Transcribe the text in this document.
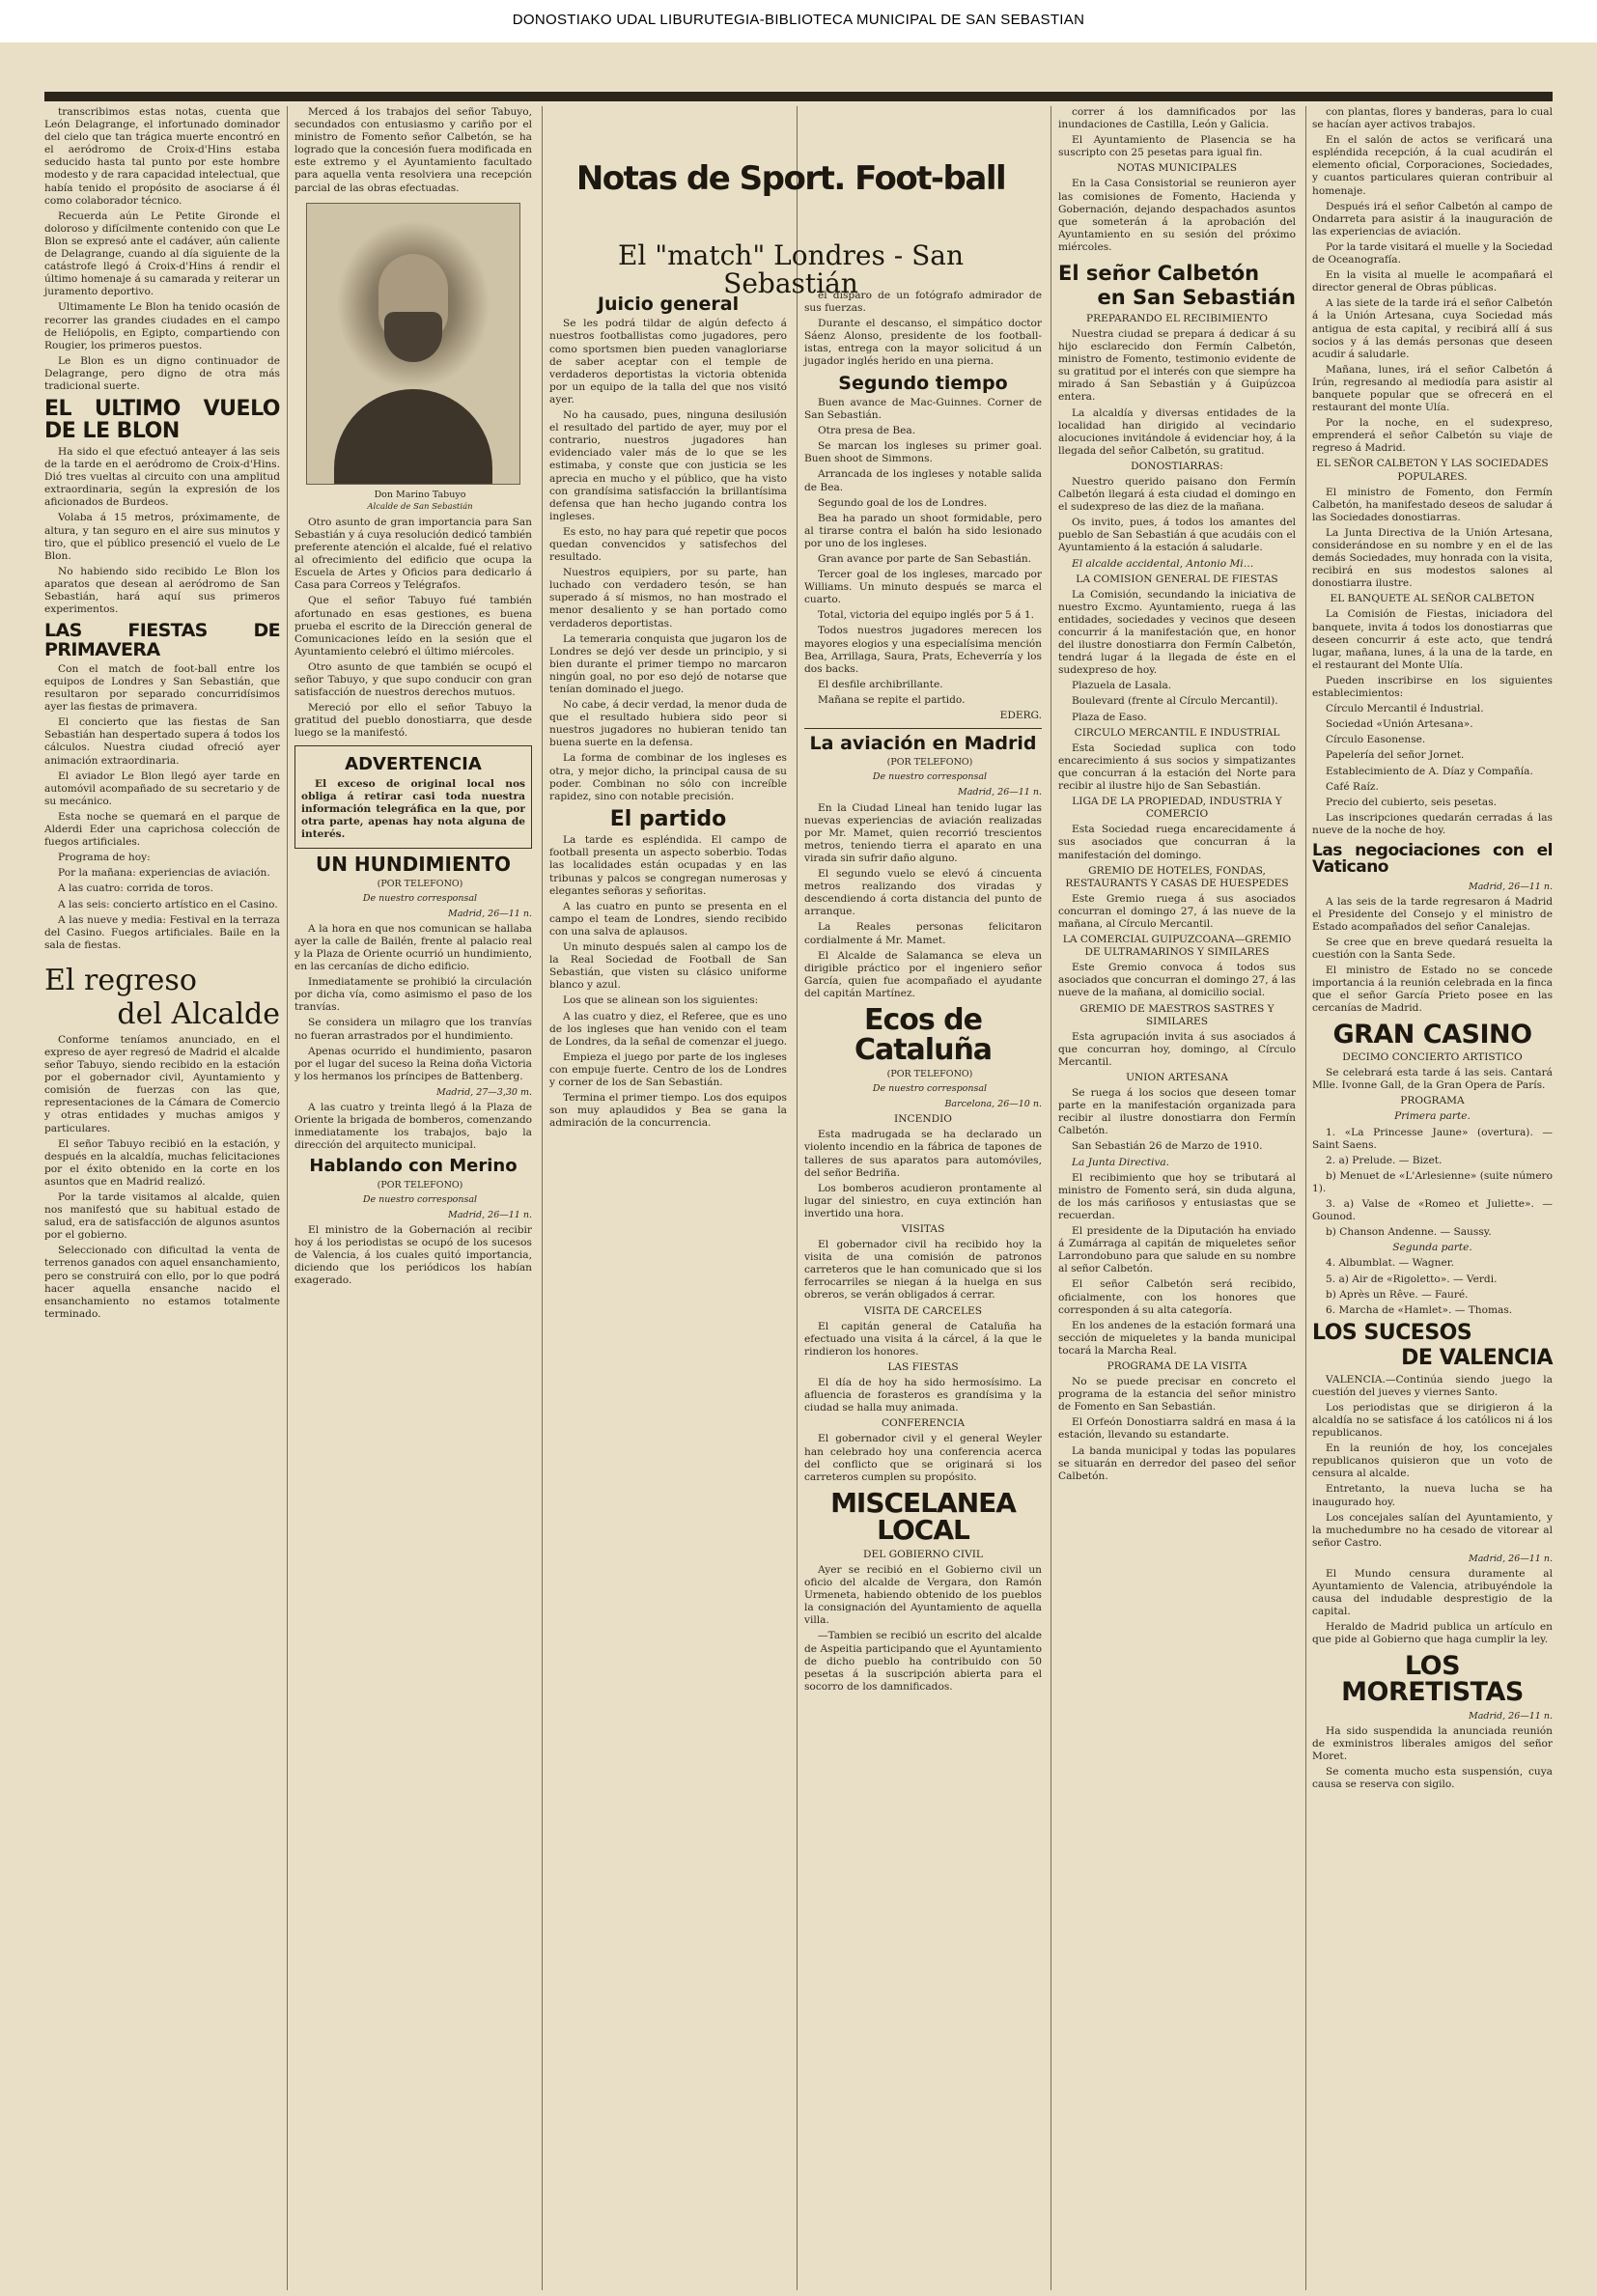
DONOSTIAKO UDAL LIBURUTEGIA-BIBLIOTECA MUNICIPAL DE SAN SEBASTIAN

transcribimos estas notas, cuenta que León Delagrange, el infortunado dominador del cielo que tan trágica muerte encontró en el aeródromo de Croix-d'Hins estaba seducido hasta tal punto por este hombre modesto y de rara capacidad intelectual, que había tenido el propósito de asociarse á él como colaborador técnico.

Recuerda aún Le Petite Gironde el doloroso y difícilmente contenido con que Le Blon se expresó ante el cadáver, aún caliente de Delagrange, cuando al día siguiente de la catástrofe llegó á Croix-d'Hins á rendir el último homenaje á su camarada y reiterar un juramento deportivo.

Ultimamente Le Blon ha tenido ocasión de recorrer las grandes ciudades en el campo de Heliópolis, en Egipto, compartiendo con Rougier, los primeros puestos.

Le Blon es un digno continuador de Delagrange, pero digno de otra más tradicional suerte.

EL ULTIMO VUELO DE LE BLON

Ha sido el que efectuó anteayer á las seis de la tarde en el aeródromo de Croix-d'Hins. Dió tres vueltas al circuito con una amplitud extraordinaria, según la expresión de los aficionados de Burdeos.

Volaba á 15 metros, próximamente, de altura, y tan seguro en el aire sus minutos y tiro, que el público presenció el vuelo de Le Blon.

No habiendo sido recibido Le Blon los aparatos que desean al aeródromo de San Sebastián, hará aquí sus primeros experimentos.

LAS FIESTAS DE PRIMAVERA

Con el match de foot-ball entre los equipos de Londres y San Sebastián, que resultaron por separado concurridísimos ayer las fiestas de primavera.

El concierto que las fiestas de San Sebastián han despertado supera á todos los cálculos. Nuestra ciudad ofreció ayer animación extraordinaria.

El aviador Le Blon llegó ayer tarde en automóvil acompañado de su secretario y de su mecánico.

Esta noche se quemará en el parque de Alderdi Eder una caprichosa colección de fuegos artificiales.

Programa de hoy:

Por la mañana: experiencias de aviación.

A las cuatro: corrida de toros.

A las seis: concierto artístico en el Casino.

A las nueve y media: Festival en la terraza del Casino. Fuegos artificiales. Baile en la sala de fiestas.

El regreso
del Alcalde

Conforme teníamos anunciado, en el expreso de ayer regresó de Madrid el alcalde señor Tabuyo, siendo recibido en la estación por el gobernador civil, Ayuntamiento y comisión de fuerzas con las que, representaciones de la Cámara de Comercio y otras entidades y muchas amigos y particulares.

El señor Tabuyo recibió en la estación, y después en la alcaldía, muchas felicitaciones por el éxito obtenido en la corte en los asuntos que en Madrid realizó.

Por la tarde visitamos al alcalde, quien nos manifestó que su habitual estado de salud, era de satisfacción de algunos asuntos por el gobierno.

Seleccionado con dificultad la venta de terrenos ganados con aquel ensanchamiento, pero se construirá con ello, por lo que podrá hacer aquella ensanche nacido el ensanchamiento no estamos totalmente terminado.

Merced á los trabajos del señor Tabuyo, secundados con entusiasmo y cariño por el ministro de Fomento señor Calbetón, se ha logrado que la concesión fuera modificada en este extremo y el Ayuntamiento facultado para aquella venta resolviera una recepción parcial de las obras efectuadas.

Don Marino Tabuyo
Alcalde de San Sebastián

Otro asunto de gran importancia para San Sebastián y á cuya resolución dedicó también preferente atención el alcalde, fué el relativo al ofrecimiento del edificio que ocupa la Escuela de Artes y Oficios para dedicarlo á Casa para Correos y Telégrafos.

Que el señor Tabuyo fué también afortunado en esas gestiones, es buena prueba el escrito de la Dirección general de Comunicaciones leído en la sesión que el Ayuntamiento celebró el último miércoles.

Otro asunto de que también se ocupó el señor Tabuyo, y que supo conducir con gran satisfacción de nuestros derechos mutuos.

Mereció por ello el señor Tabuyo la gratitud del pueblo donostiarra, que desde luego se la manifestó.

ADVERTENCIA

El exceso de original local nos obliga á retirar casi toda nuestra información telegráfica en la que, por otra parte, apenas hay nota alguna de interés.

UN HUNDIMIENTO

(POR TELEFONO)

De nuestro corresponsal

Madrid, 26—11 n.

A la hora en que nos comunican se hallaba ayer la calle de Bailén, frente al palacio real y la Plaza de Oriente ocurrió un hundimiento, en las cercanías de dicho edificio.

Inmediatamente se prohibió la circulación por dicha vía, como asimismo el paso de los tranvías.

Se considera un milagro que los tranvías no fueran arrastrados por el hundimiento.

Apenas ocurrido el hundimiento, pasaron por el lugar del suceso la Reina doña Victoria y los hermanos los príncipes de Battenberg.

Madrid, 27—3,30 m.

A las cuatro y treinta llegó á la Plaza de Oriente la brigada de bomberos, comenzando inmediatamente los trabajos, bajo la dirección del arquitecto municipal.

Hablando con Merino

(POR TELEFONO)

De nuestro corresponsal

Madrid, 26—11 n.

El ministro de la Gobernación al recibir hoy á los periodistas se ocupó de los sucesos de Valencia, á los cuales quitó importancia, diciendo que los periódicos los habían exagerado.

Notas de Sport. Foot-ball
El "match" Londres - San Sebastián
Juicio general

Se les podrá tildar de algún defecto á nuestros footballistas como jugadores, pero como sportsmen bien pueden vanagloriarse de saber aceptar con el temple de verdaderos deportistas la victoria obtenida por un equipo de la talla del que nos visitó ayer.

No ha causado, pues, ninguna desilusión el resultado del partido de ayer, muy por el contrario, nuestros jugadores han evidenciado valer más de lo que se les estimaba, y conste que con justicia se les aprecia en mucho y el público, que ha visto con grandísima satisfacción la brillantísima defensa que han hecho jugando contra los ingleses.

Es esto, no hay para qué repetir que pocos quedan convencidos y satisfechos del resultado.

Nuestros equipiers, por su parte, han luchado con verdadero tesón, se han superado á sí mismos, no han mostrado el menor desaliento y se han portado como verdaderos deportistas.

La temeraria conquista que jugaron los de Londres se dejó ver desde un principio, y si bien durante el primer tiempo no marcaron ningún goal, no por eso dejó de notarse que tenían dominado el juego.

No cabe, á decir verdad, la menor duda de que el resultado hubiera sido peor si nuestros jugadores no hubieran tenido tan buena suerte en la defensa.

La forma de combinar de los ingleses es otra, y mejor dicho, la principal causa de su poder. Combinan no sólo con increíble rapidez, sino con notable precisión.

El partido

La tarde es espléndida. El campo de football presenta un aspecto soberbio. Todas las localidades están ocupadas y en las tribunas y palcos se congregan numerosas y elegantes señoras y señoritas.

A las cuatro en punto se presenta en el campo el team de Londres, siendo recibido con una salva de aplausos.

Un minuto después salen al campo los de la Real Sociedad de Football de San Sebastián, que visten su clásico uniforme blanco y azul.

Los que se alinean son los siguientes:

A las cuatro y diez, el Referee, que es uno de los ingleses que han venido con el team de Londres, da la señal de comenzar el juego.

Empieza el juego por parte de los ingleses con empuje fuerte. Centro de los de Londres y corner de los de San Sebastián.

Termina el primer tiempo. Los dos equipos son muy aplaudidos y Bea se gana la admiración de la concurrencia.

el disparo de un fotógrafo admirador de sus fuerzas.

Durante el descanso, el simpático doctor Sáenz Alonso, presidente de los football-istas, entrega con la mayor solicitud á un jugador inglés herido en una pierna.

Segundo tiempo

Buen avance de Mac-Guinnes. Corner de San Sebastián.

Otra presa de Bea.

Se marcan los ingleses su primer goal. Buen shoot de Simmons.

Arrancada de los ingleses y notable salida de Bea.

Segundo goal de los de Londres.

Bea ha parado un shoot formidable, pero al tirarse contra el balón ha sido lesionado por uno de los ingleses.

Gran avance por parte de San Sebastián.

Tercer goal de los ingleses, marcado por Williams. Un minuto después se marca el cuarto.

Total, victoria del equipo inglés por 5 á 1.

Todos nuestros jugadores merecen los mayores elogios y una especialísima mención Bea, Arrillaga, Saura, Prats, Echeverría y los dos backs.

El desfile archibrillante.

Mañana se repite el partido.

EDERG.

La aviación en Madrid

(POR TELEFONO)

De nuestro corresponsal

Madrid, 26—11 n.

En la Ciudad Lineal han tenido lugar las nuevas experiencias de aviación realizadas por Mr. Mamet, quien recorrió trescientos metros, teniendo tierra el aparato en una virada sin sufrir daño alguno.

El segundo vuelo se elevó á cincuenta metros realizando dos viradas y descendiendo á corta distancia del punto de arranque.

La Reales personas felicitaron cordialmente á Mr. Mamet.

El Alcalde de Salamanca se eleva un dirigible práctico por el ingeniero señor García, quien fue acompañado el ayudante del capitán Martínez.

Ecos de Cataluña

(POR TELEFONO)

De nuestro corresponsal

Barcelona, 26—10 n.

INCENDIO

Esta madrugada se ha declarado un violento incendio en la fábrica de tapones de talleres de sus aparatos para automóviles, del señor Bedriña.

Los bomberos acudieron prontamente al lugar del siniestro, en cuya extinción han invertido una hora.

VISITAS

El gobernador civil ha recibido hoy la visita de una comisión de patronos carreteros que le han comunicado que si los ferrocarriles se niegan á la huelga en sus obreros, se verán obligados á cerrar.

VISITA DE CARCELES

El capitán general de Cataluña ha efectuado una visita á la cárcel, á la que le rindieron los honores.

LAS FIESTAS

El día de hoy ha sido hermosísimo. La afluencia de forasteros es grandísima y la ciudad se halla muy animada.

CONFERENCIA

El gobernador civil y el general Weyler han celebrado hoy una conferencia acerca del conflicto que se originará si los carreteros cumplen su propósito.

MISCELANEA LOCAL

DEL GOBIERNO CIVIL

Ayer se recibió en el Gobierno civil un oficio del alcalde de Vergara, don Ramón Urmeneta, habiendo obtenido de los pueblos la consignación del Ayuntamiento de aquella villa.

—Tambien se recibió un escrito del alcalde de Aspeitia participando que el Ayuntamiento de dicho pueblo ha contribuido con 50 pesetas á la suscripción abierta para el socorro de los damnificados.

correr á los damnificados por las inundaciones de Castilla, León y Galicia.

El Ayuntamiento de Plasencia se ha suscripto con 25 pesetas para igual fin.

NOTAS MUNICIPALES

En la Casa Consistorial se reunieron ayer las comisiones de Fomento, Hacienda y Gobernación, dejando despachados asuntos que someterán á la aprobación del Ayuntamiento en su sesión del próximo miércoles.

El señor Calbetón
en San Sebastián

PREPARANDO EL RECIBIMIENTO

Nuestra ciudad se prepara á dedicar á su hijo esclarecido don Fermín Calbetón, ministro de Fomento, testimonio evidente de su gratitud por el interés con que siempre ha mirado á San Sebastián y á Guipúzcoa entera.

La alcaldía y diversas entidades de la localidad han dirigido al vecindario alocuciones invitándole á evidenciar hoy, á la llegada del señor Calbetón, su gratitud.

DONOSTIARRAS:

Nuestro querido paisano don Fermín Calbetón llegará á esta ciudad el domingo en el sudexpreso de las diez de la mañana.

Os invito, pues, á todos los amantes del pueblo de San Sebastián á que acudáis con el Ayuntamiento á la estación á saludarle.

El alcalde accidental, Antonio Mi…

LA COMISION GENERAL DE FIESTAS

La Comisión, secundando la iniciativa de nuestro Excmo. Ayuntamiento, ruega á las entidades, sociedades y vecinos que deseen concurrir á la manifestación que, en honor del ilustre donostiarra don Fermín Calbetón, tendrá lugar á la llegada de éste en el sudexpreso de hoy.

Plazuela de Lasala.

Boulevard (frente al Círculo Mercantil).

Plaza de Easo.

CIRCULO MERCANTIL E INDUSTRIAL

Esta Sociedad suplica con todo encarecimiento á sus socios y simpatizantes que concurran á la estación del Norte para recibir al ilustre hijo de San Sebastián.

LIGA DE LA PROPIEDAD, INDUSTRIA Y COMERCIO

Esta Sociedad ruega encarecidamente á sus asociados que concurran á la manifestación del domingo.

GREMIO DE HOTELES, FONDAS, RESTAURANTS Y CASAS DE HUESPEDES

Este Gremio ruega á sus asociados concurran el domingo 27, á las nueve de la mañana, al Círculo Mercantil.

LA COMERCIAL GUIPUZCOANA—GREMIO DE ULTRAMARINOS Y SIMILARES

Este Gremio convoca á todos sus asociados que concurran el domingo 27, á las nueve de la mañana, al domicilio social.

GREMIO DE MAESTROS SASTRES Y SIMILARES

Esta agrupación invita á sus asociados á que concurran hoy, domingo, al Círculo Mercantil.

UNION ARTESANA

Se ruega á los socios que deseen tomar parte en la manifestación organizada para recibir al ilustre donostiarra don Fermín Calbetón.

San Sebastián 26 de Marzo de 1910.

La Junta Directiva.

El recibimiento que hoy se tributará al ministro de Fomento será, sin duda alguna, de los más cariñosos y entusiastas que se recuerdan.

El presidente de la Diputación ha enviado á Zumárraga al capitán de miqueletes señor Larrondobuno para que salude en su nombre al señor Calbetón.

El señor Calbetón será recibido, oficialmente, con los honores que corresponden á su alta categoría.

En los andenes de la estación formará una sección de miqueletes y la banda municipal tocará la Marcha Real.

PROGRAMA DE LA VISITA

No se puede precisar en concreto el programa de la estancia del señor ministro de Fomento en San Sebastián.

El Orfeón Donostiarra saldrá en masa á la estación, llevando su estandarte.

La banda municipal y todas las populares se situarán en derredor del paseo del señor Calbetón.

con plantas, flores y banderas, para lo cual se hacían ayer activos trabajos.

En el salón de actos se verificará una espléndida recepción, á la cual acudirán el elemento oficial, Corporaciones, Sociedades, y cuantos particulares quieran contribuir al homenaje.

Después irá el señor Calbetón al campo de Ondarreta para asistir á la inauguración de las experiencias de aviación.

Por la tarde visitará el muelle y la Sociedad de Oceanografía.

En la visita al muelle le acompañará el director general de Obras públicas.

A las siete de la tarde irá el señor Calbetón á la Unión Artesana, cuya Sociedad más antigua de esta capital, y recibirá allí á sus socios y á las demás personas que deseen acudir á saludarle.

Mañana, lunes, irá el señor Calbetón á Irún, regresando al mediodía para asistir al banquete popular que se ofrecerá en el restaurant del monte Ulía.

Por la noche, en el sudexpreso, emprenderá el señor Calbetón su viaje de regreso á Madrid.

EL SEÑOR CALBETON Y LAS SOCIEDADES POPULARES.

El ministro de Fomento, don Fermín Calbetón, ha manifestado deseos de saludar á las Sociedades donostiarras.

La Junta Directiva de la Unión Artesana, considerándose en su nombre y en el de las demás Sociedades, muy honrada con la visita, recibirá en sus modestos salones al donostiarra ilustre.

EL BANQUETE AL SEÑOR CALBETON

La Comisión de Fiestas, iniciadora del banquete, invita á todos los donostiarras que deseen concurrir á este acto, que tendrá lugar, mañana, lunes, á la una de la tarde, en el restaurant del Monte Ulía.

Pueden inscribirse en los siguientes establecimientos:

Círculo Mercantil é Industrial.

Sociedad «Unión Artesana».

Círculo Easonense.

Papelería del señor Jornet.

Establecimiento de A. Díaz y Compañía.

Café Raíz.

Precio del cubierto, seis pesetas.

Las inscripciones quedarán cerradas á las nueve de la noche de hoy.

Las negociaciones con el Vaticano

Madrid, 26—11 n.

A las seis de la tarde regresaron á Madrid el Presidente del Consejo y el ministro de Estado acompañados del señor Canalejas.

Se cree que en breve quedará resuelta la cuestión con la Santa Sede.

El ministro de Estado no se concede importancia á la reunión celebrada en la finca que el señor García Prieto posee en las cercanías de Madrid.

GRAN CASINO

DECIMO CONCIERTO ARTISTICO

Se celebrará esta tarde á las seis. Cantará Mlle. Ivonne Gall, de la Gran Opera de París.

PROGRAMA

Primera parte.

1. «La Princesse Jaune» (overtura). — Saint Saens.

2. a) Prelude. — Bizet.

b) Menuet de «L'Arlesienne» (suite número 1).

3. a) Valse de «Romeo et Juliette». — Gounod.

b) Chanson Andenne. — Saussy.

Segunda parte.

4. Albumblat. — Wagner.

5. a) Air de «Rigoletto». — Verdi.

b) Après un Rêve. — Fauré.

6. Marcha de «Hamlet». — Thomas.

LOS SUCESOS
DE VALENCIA

VALENCIA.—Continúa siendo juego la cuestión del jueves y viernes Santo.

Los periodistas que se dirigieron á la alcaldía no se satisface á los católicos ni á los republicanos.

En la reunión de hoy, los concejales republicanos quisieron que un voto de censura al alcalde.

Entretanto, la nueva lucha se ha inaugurado hoy.

Los concejales salían del Ayuntamiento, y la muchedumbre no ha cesado de vitorear al señor Castro.

Madrid, 26—11 n.

El Mundo censura duramente al Ayuntamiento de Valencia, atribuyéndole la causa del indudable desprestigio de la capital.

Heraldo de Madrid publica un artículo en que pide al Gobierno que haga cumplir la ley.

LOS MORETISTAS

Madrid, 26—11 n.

Ha sido suspendida la anunciada reunión de exministros liberales amigos del señor Moret.

Se comenta mucho esta suspensión, cuya causa se reserva con sigilo.
